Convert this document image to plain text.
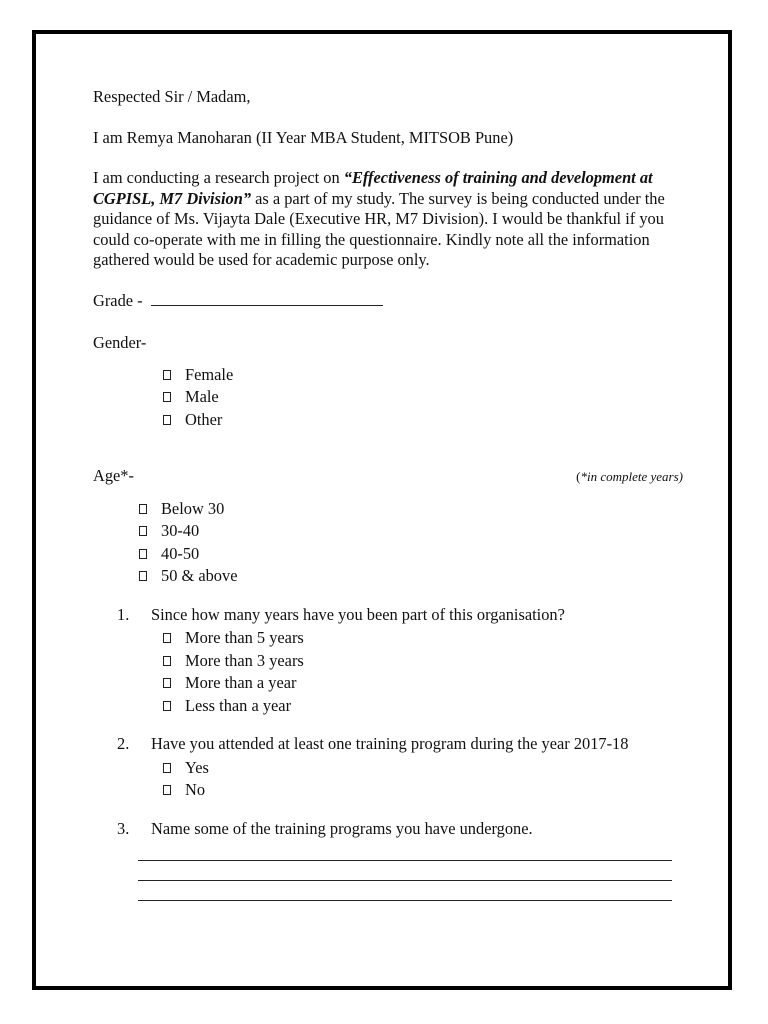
Respected Sir / Madam,

I am Remya Manoharan (II Year MBA Student, MITSOB Pune)

I am conducting a research project on “Effectiveness of training and development at CGPISL, M7 Division” as a part of my study. The survey is being conducted under the guidance of Ms. Vijayta Dale (Executive HR, M7 Division). I would be thankful if you could co-operate with me in filling the questionnaire. Kindly note all the information gathered would be used for academic purpose only.

Grade -

Gender-

Female
Male
Other
Age*-	(*in complete years)
Below 30
30-40
40-50
50 & above
1.	Since how many years have you been part of this organisation?
More than 5 years
More than 3 years
More than a year
Less than a year
2.	Have you attended at least one training program during the year 2017-18
Yes
No
3.	Name some of the training programs you have undergone.
